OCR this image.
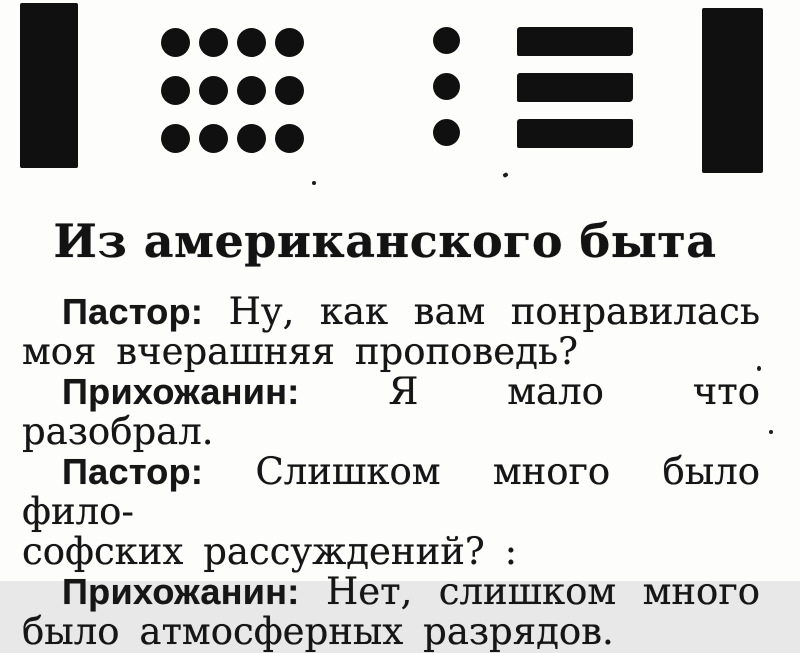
Из американского быта
Пастор: Ну, как вам понравилась
моя вчерашняя проповедь?
Прихожанин: Я мало что разобрал.
Пастор: Слишком много было фило-
софских рассуждений? :
Прихожанин: Нет, слишком много
было атмосферных разрядов.
